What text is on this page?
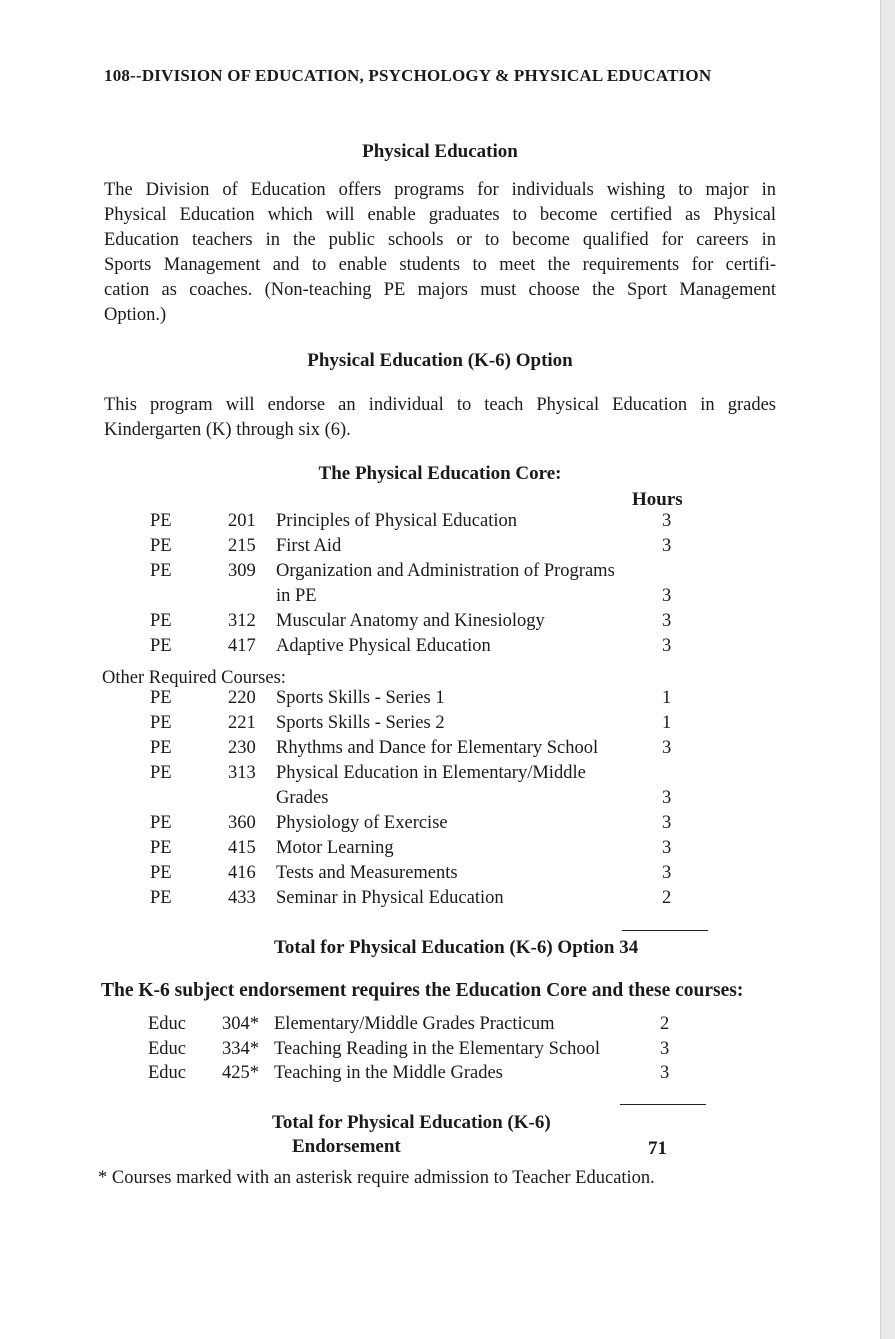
108--DIVISION OF EDUCATION, PSYCHOLOGY & PHYSICAL EDUCATION
Physical Education
The Division of Education offers programs for individuals wishing to major in
Physical Education which will enable graduates to become certified as Physical
Education teachers in the public schools or to become qualified for careers in
Sports Management and to enable students to meet the requirements for certifi-
cation as coaches. (Non-teaching PE majors must choose the Sport Management
Option.)
Physical Education (K-6) Option
This program will endorse an individual to teach Physical Education in grades
Kindergarten (K) through six (6).
The Physical Education Core:
Hours
PE	201 Principles of Physical Education	3
PE	215 First Aid	3
PE	309 Organization and Administration of Programs
in PE	3
PE	312 Muscular Anatomy and Kinesiology	3
PE	417 Adaptive Physical Education	3
Other Required Courses:
PE	220 Sports Skills - Series 1	1
PE	221 Sports Skills - Series 2	1
PE	230 Rhythms and Dance for Elementary School	3
PE	313 Physical Education in Elementary/Middle
Grades	3
PE	360 Physiology of Exercise	3
PE	415 Motor Learning	3
PE	416 Tests and Measurements	3
PE	433 Seminar in Physical Education	2
Total for Physical Education (K-6) Option 34
The K-6 subject endorsement requires the Education Core and these courses:
Educ 304* Elementary/Middle Grades Practicum	2
Educ 334* Teaching Reading in the Elementary School	3
Educ 425* Teaching in the Middle Grades	3
Total for Physical Education (K-6)
Endorsement	71
* Courses marked with an asterisk require admission to Teacher Education.
